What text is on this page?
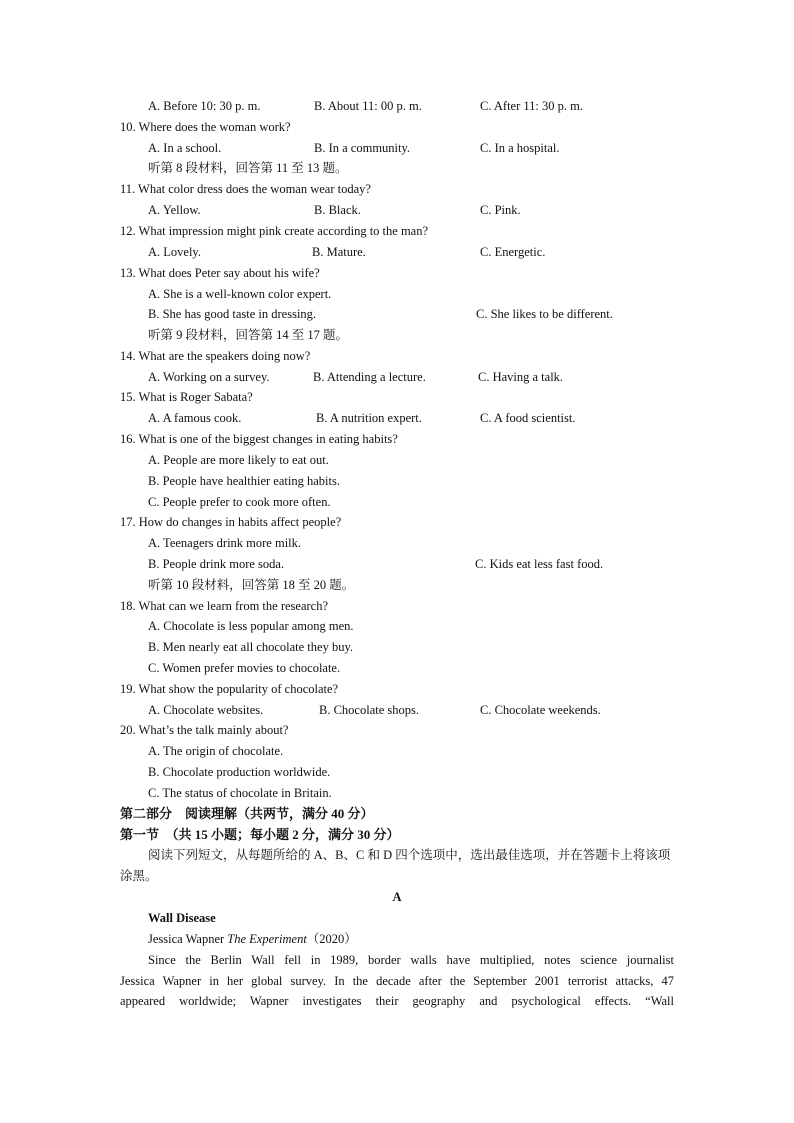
A. Before 10: 30 p. m.	B. About 11: 00 p. m.	C. After 11: 30 p. m.
10. Where does the woman work?
A. In a school.	B. In a community.	C. In a hospital.
听第 8 段材料，回答第 11 至 13 题。
11. What color dress does the woman wear today?
A. Yellow.	B. Black.	C. Pink.
12. What impression might pink create according to the man?
A. Lovely.	B. Mature.	C. Energetic.
13. What does Peter say about his wife?
A. She is a well-known color expert.
B. She has good taste in dressing.	C. She likes to be different.
听第 9 段材料，回答第 14 至 17 题。
14. What are the speakers doing now?
A. Working on a survey.	B. Attending a lecture.	C. Having a talk.
15. What is Roger Sabata?
A. A famous cook.	B. A nutrition expert.	C. A food scientist.
16. What is one of the biggest changes in eating habits?
A. People are more likely to eat out.
B. People have healthier eating habits.
C. People prefer to cook more often.
17. How do changes in habits affect people?
A. Teenagers drink more milk.
B. People drink more soda.	C. Kids eat less fast food.
听第 10 段材料，回答第 18 至 20 题。
18. What can we learn from the research?
A. Chocolate is less popular among men.
B. Men nearly eat all chocolate they buy.
C. Women prefer movies to chocolate.
19. What show the popularity of chocolate?
A. Chocolate websites.	B. Chocolate shops.	C. Chocolate weekends.
20. What’s the talk mainly about?
A. The origin of chocolate.
B. Chocolate production worldwide.
C. The status of chocolate in Britain.
第二部分　阅读理解（共两节，满分 40 分）
第一节　（共 15 小题；每小题 2 分，满分 30 分）
阅读下列短文，从每题所给的 A、B、C 和 D 四个选项中，选出最佳选项，并在答题卡上将该项涂黑。
A
Wall Disease
Jessica Wapner The Experiment（2020）
Since the Berlin Wall fell in 1989, border walls have multiplied, notes science journalist
Jessica Wapner in her global survey. In the decade after the September 2001 terrorist attacks, 47
appeared worldwide; Wapner investigates their geography and psychological effects. “Wall
